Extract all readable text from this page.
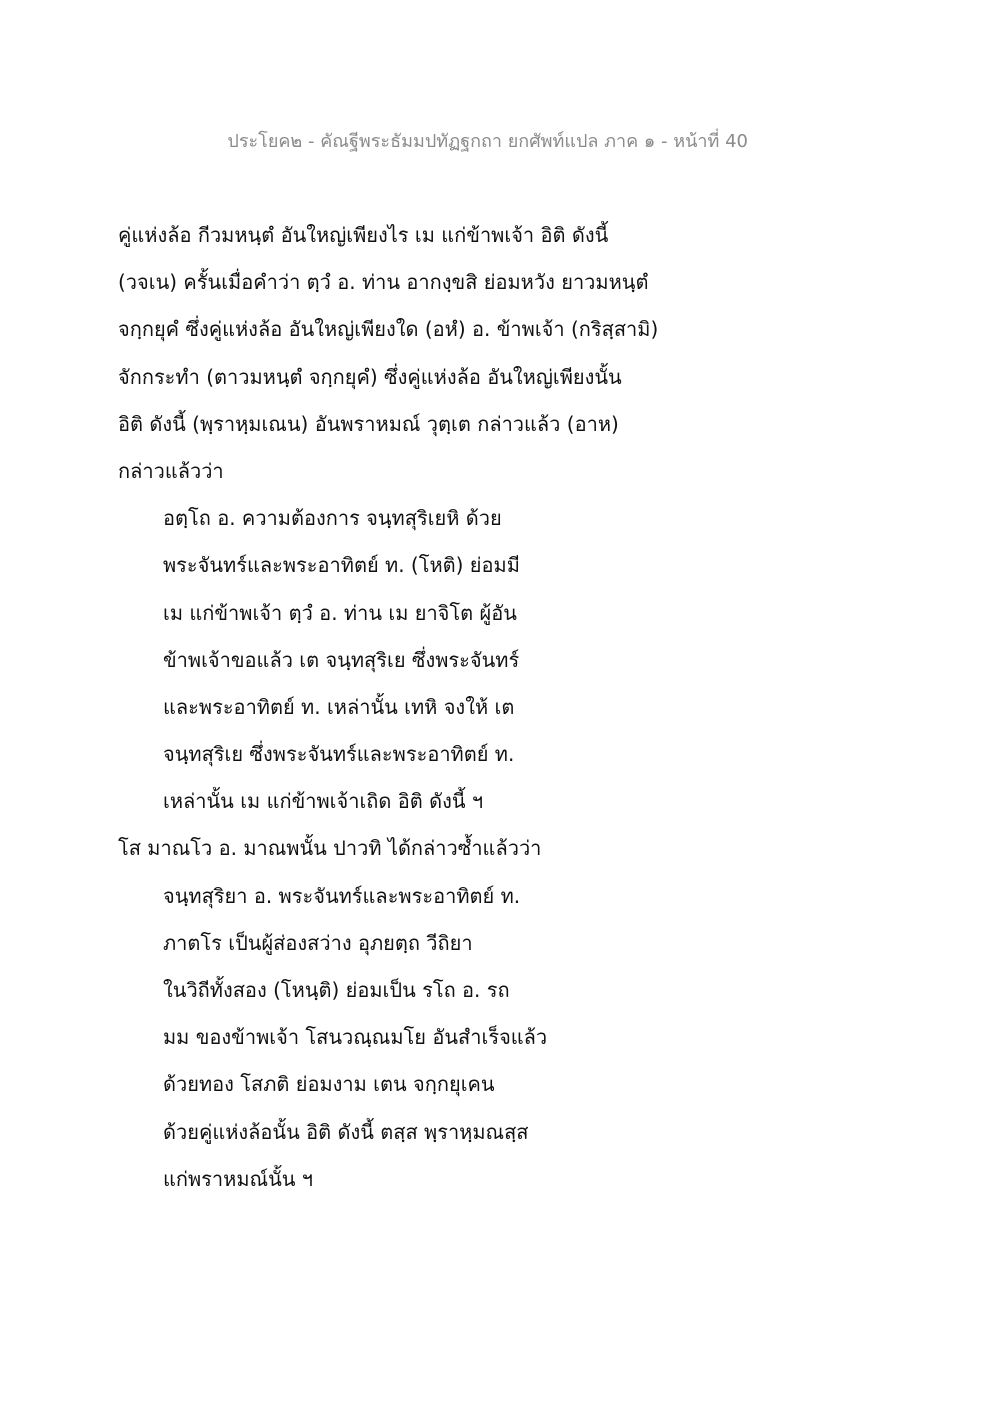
ประโยค๒ - คัณฐีพระธัมมปทัฏฐกถา ยกศัพท์แปล ภาค ๑ - หน้าที่ 40
คู่แห่งล้อ กีวมหนฺตํ อันใหญ่เพียงไร เม แก่ข้าพเจ้า อิติ ดังนี้
(วจเน) ครั้นเมื่อคำว่า ตฺวํ อ. ท่าน อากงฺขสิ ย่อมหวัง ยาวมหนฺตํ
จกฺกยุคํ ซึ่งคู่แห่งล้อ อันใหญ่เพียงใด (อหํ) อ. ข้าพเจ้า (กริสฺสามิ)
จักกระทำ (ตาวมหนฺตํ จกฺกยุคํ) ซึ่งคู่แห่งล้อ อันใหญ่เพียงนั้น
อิติ ดังนี้ (พฺราหฺมเณน) อันพราหมณ์ วุตฺเต กล่าวแล้ว (อาห)
กล่าวแล้วว่า
อตฺโถ อ. ความต้องการ จนฺทสุริเยหิ ด้วย
พระจันทร์และพระอาทิตย์ ท. (โหติ) ย่อมมี
เม แก่ข้าพเจ้า ตฺวํ อ. ท่าน เม ยาจิโต ผู้อัน
ข้าพเจ้าขอแล้ว เต จนฺทสุริเย ซึ่งพระจันทร์
และพระอาทิตย์ ท. เหล่านั้น เทหิ จงให้ เต
จนฺทสุริเย ซึ่งพระจันทร์และพระอาทิตย์ ท.
เหล่านั้น เม แก่ข้าพเจ้าเถิด อิติ ดังนี้ ฯ
โส มาณโว อ. มาณพนั้น ปาวทิ ได้กล่าวซ้ำแล้วว่า
จนฺทสุริยา อ. พระจันทร์และพระอาทิตย์ ท.
ภาตโร เป็นผู้ส่องสว่าง อุภยตฺถ วีถิยา
ในวิถีทั้งสอง (โหนฺติ) ย่อมเป็น รโถ อ. รถ
มม ของข้าพเจ้า โสนวณฺณมโย อันสำเร็จแล้ว
ด้วยทอง โสภติ ย่อมงาม เตน จกฺกยุเคน
ด้วยคู่แห่งล้อนั้น อิติ ดังนี้ ตสฺส พฺราหฺมณสฺส
แก่พราหมณ์นั้น ฯ
